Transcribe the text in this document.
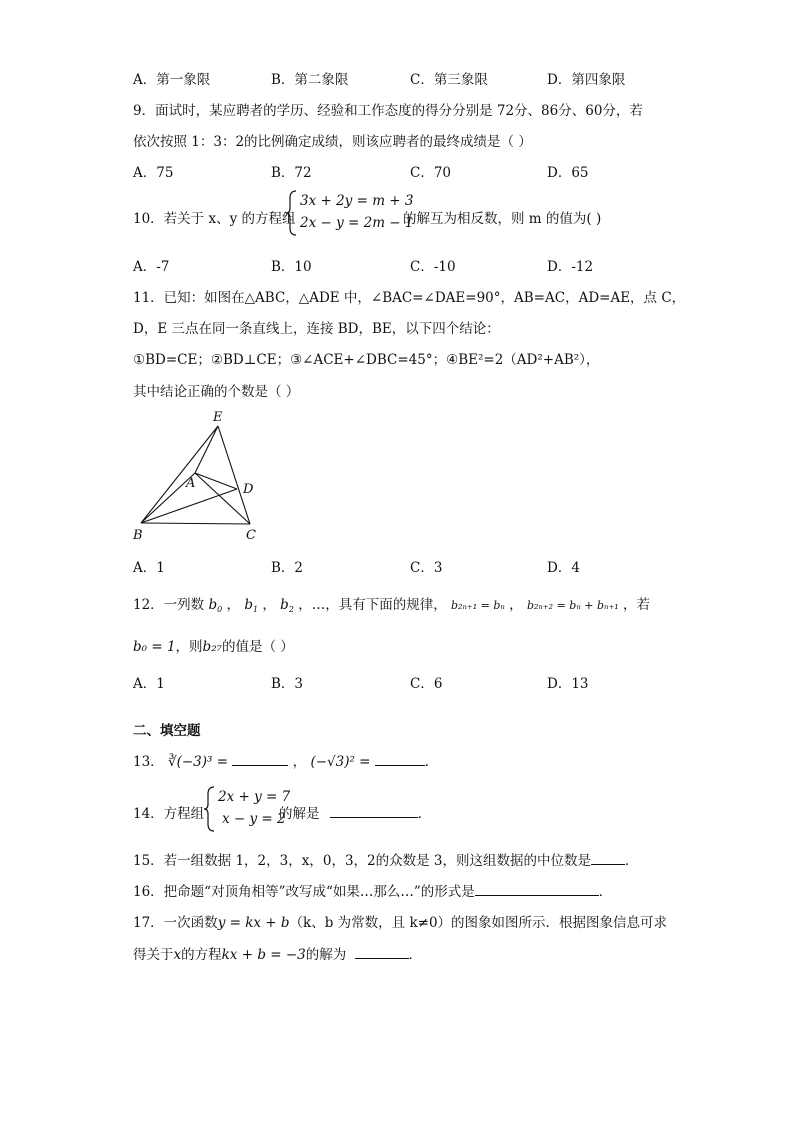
A．第一象限	B．第二象限	C．第三象限	D．第四象限
9．面试时，某应聘者的学历、经验和工作态度的得分分别是 72分、86分、60分，若
依次按照 1：3：2的比例确定成绩，则该应聘者的最终成绩是（ ）
A．75	B．72	C．70	D．65
10．若关于 x、y 的方程组
3x + 2y = m + 3
2x − y = 2m − 1
的解互为相反数，则 m 的值为( )
A．-7	B．10	C．-10	D．-12
11．已知：如图在△ABC，△ADE 中，∠BAC=∠DAE=90°，AB=AC，AD=AE，点 C，
D，E 三点在同一条直线上，连接 BD，BE，以下四个结论：
①BD=CE；②BD⊥CE；③∠ACE+∠DBC=45°；④BE²=2（AD²+AB²），
其中结论正确的个数是（ ）
E
A	D
B	C
A．1	B．2	C．3	D．4
12．一列数 $b_0$ ， $b_1$ ， $b_2$ ，…，具有下面的规律， b₂ₙ₊₁ = bₙ ， b₂ₙ₊₂ = bₙ + bₙ₊₁ ，若
b₀ = 1，则b₂₇的值是（ ）
A．1	B．3	C．6	D．13
二、填空题
13． ∛(−3)³ =	， (−√3)² =	．
14．方程组
2x + y = 7
x − y = 2
的解是	．
15．若一组数据 1，2，3，x，0，3，2的众数是 3，则这组数据的中位数是	．
16．把命题“对顶角相等”改写成“如果…那么…”的形式是	．
17．一次函数y = kx + b（k、b 为常数，且 k≠0）的图象如图所示．根据图象信息可求
得关于x的方程kx + b = −3的解为	．
